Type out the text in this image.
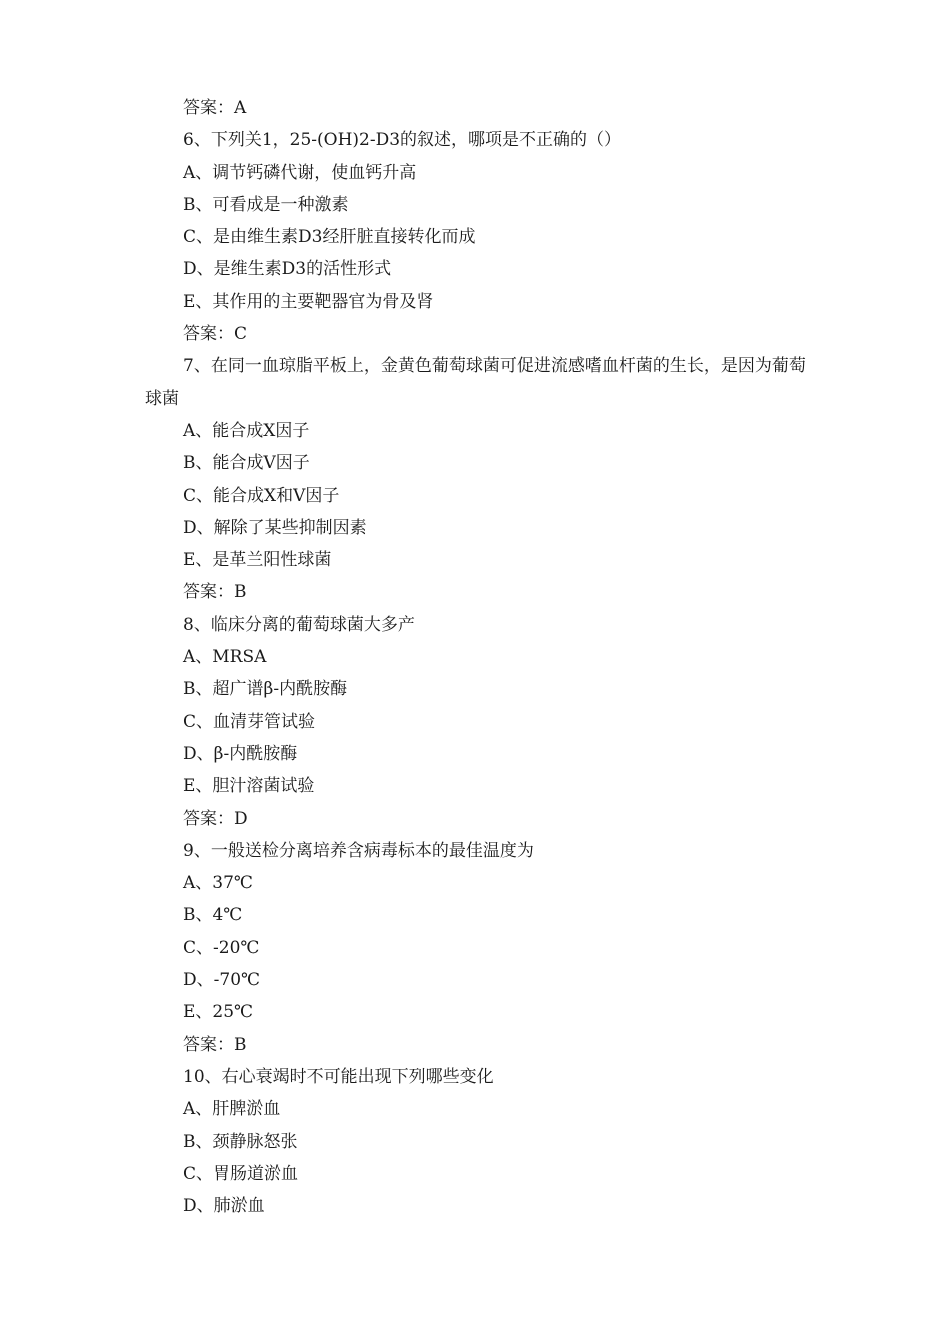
答案：A
6、下列关1，25-(OH)2-D3的叙述，哪项是不正确的（）
A、调节钙磷代谢，使血钙升高
B、可看成是一种激素
C、是由维生素D3经肝脏直接转化而成
D、是维生素D3的活性形式
E、其作用的主要靶器官为骨及肾
答案：C

7、在同一血琼脂平板上，金黄色葡萄球菌可促进流感嗜血杆菌的生长，是因为葡萄球菌

A、能合成X因子
B、能合成V因子
C、能合成X和V因子
D、解除了某些抑制因素
E、是革兰阳性球菌
答案：B
8、临床分离的葡萄球菌大多产
A、MRSA
B、超广谱β-内酰胺酶
C、血清芽管试验
D、β-内酰胺酶
E、胆汁溶菌试验
答案：D
9、一般送检分离培养含病毒标本的最佳温度为
A、37℃
B、4℃
C、-20℃
D、-70℃
E、25℃
答案：B
10、右心衰竭时不可能出现下列哪些变化
A、肝脾淤血
B、颈静脉怒张
C、胃肠道淤血
D、肺淤血
